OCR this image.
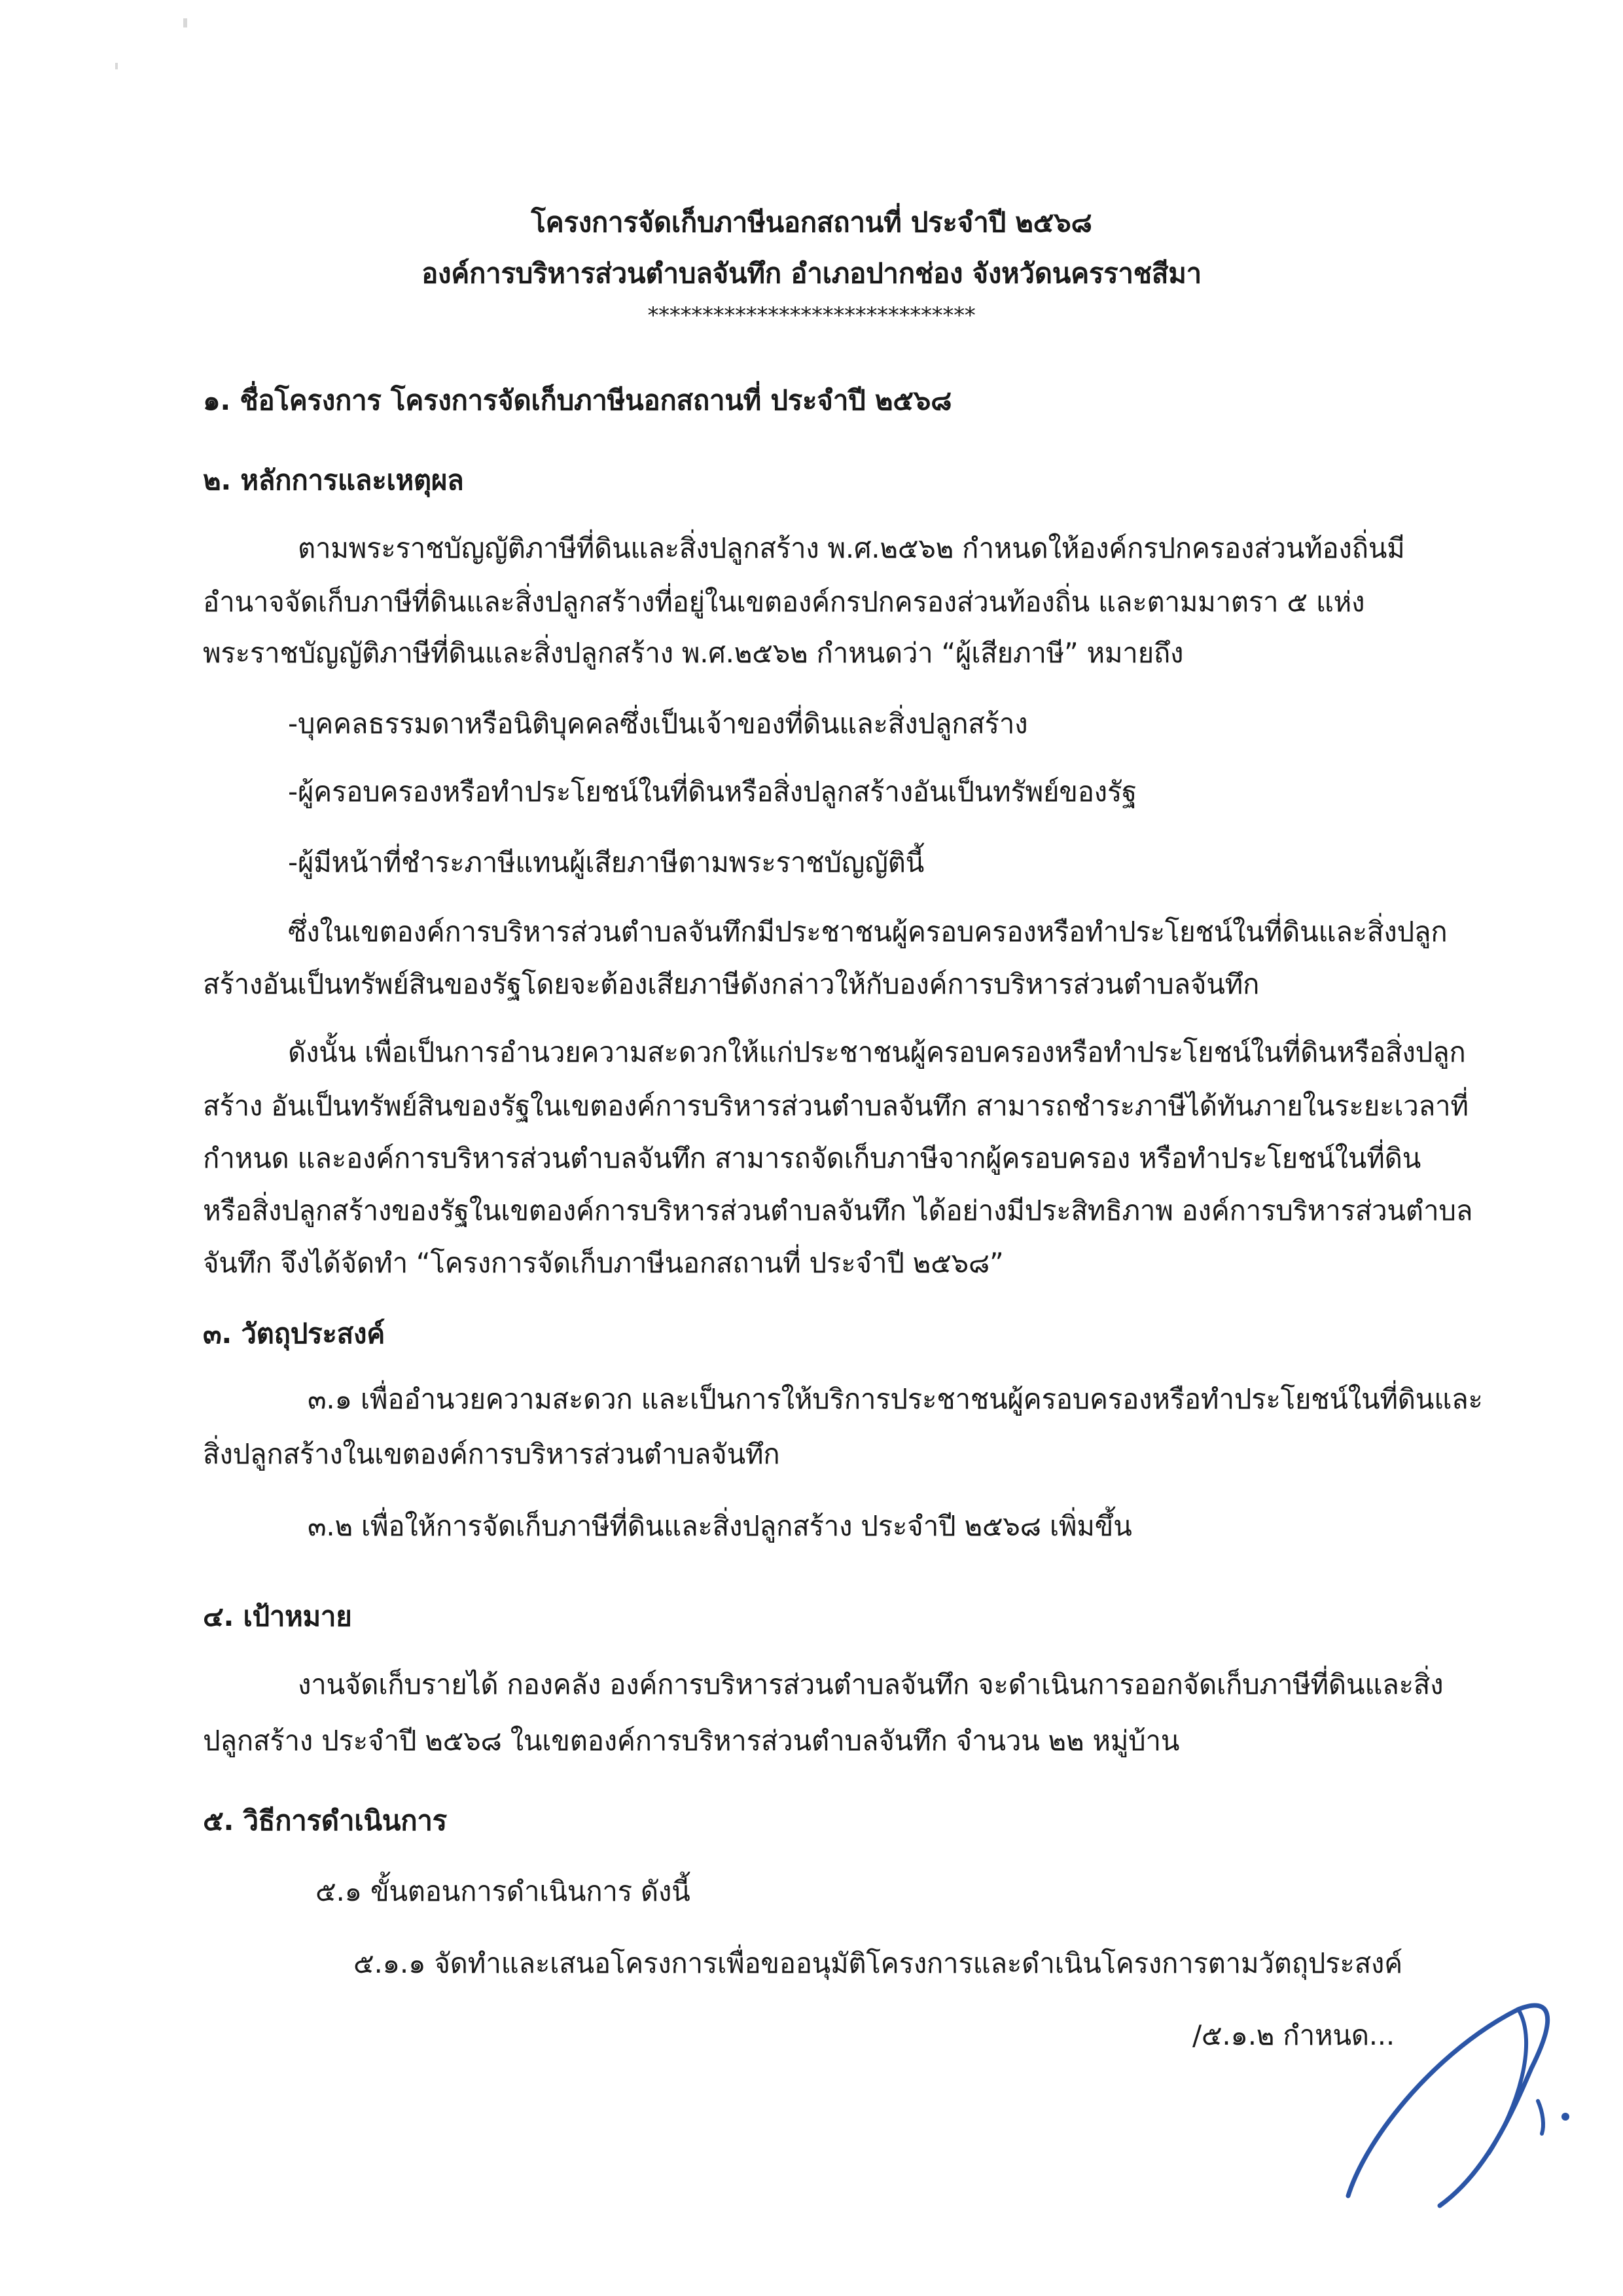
โครงการจัดเก็บภาษีนอกสถานที่ ประจำปี ๒๕๖๘
องค์การบริหารส่วนตำบลจันทึก อำเภอปากช่อง จังหวัดนครราชสีมา
******************************
๑. ชื่อโครงการ โครงการจัดเก็บภาษีนอกสถานที่ ประจำปี ๒๕๖๘
๒. หลักการและเหตุผล
ตามพระราชบัญญัติภาษีที่ดินและสิ่งปลูกสร้าง พ.ศ.๒๕๖๒ กำหนดให้องค์กรปกครองส่วนท้องถิ่นมี
อำนาจจัดเก็บภาษีที่ดินและสิ่งปลูกสร้างที่อยู่ในเขตองค์กรปกครองส่วนท้องถิ่น และตามมาตรา ๕ แห่ง
พระราชบัญญัติภาษีที่ดินและสิ่งปลูกสร้าง พ.ศ.๒๕๖๒ กำหนดว่า “ผู้เสียภาษี” หมายถึง
-บุคคลธรรมดาหรือนิติบุคคลซึ่งเป็นเจ้าของที่ดินและสิ่งปลูกสร้าง
-ผู้ครอบครองหรือทำประโยชน์ในที่ดินหรือสิ่งปลูกสร้างอันเป็นทรัพย์ของรัฐ
-ผู้มีหน้าที่ชำระภาษีแทนผู้เสียภาษีตามพระราชบัญญัตินี้
ซึ่งในเขตองค์การบริหารส่วนตำบลจันทึกมีประชาชนผู้ครอบครองหรือทำประโยชน์ในที่ดินและสิ่งปลูก
สร้างอันเป็นทรัพย์สินของรัฐโดยจะต้องเสียภาษีดังกล่าวให้กับองค์การบริหารส่วนตำบลจันทึก
ดังนั้น เพื่อเป็นการอำนวยความสะดวกให้แก่ประชาชนผู้ครอบครองหรือทำประโยชน์ในที่ดินหรือสิ่งปลูก
สร้าง อันเป็นทรัพย์สินของรัฐในเขตองค์การบริหารส่วนตำบลจันทึก สามารถชำระภาษีได้ทันภายในระยะเวลาที่
กำหนด และองค์การบริหารส่วนตำบลจันทึก สามารถจัดเก็บภาษีจากผู้ครอบครอง หรือทำประโยชน์ในที่ดิน
หรือสิ่งปลูกสร้างของรัฐในเขตองค์การบริหารส่วนตำบลจันทึก ได้อย่างมีประสิทธิภาพ องค์การบริหารส่วนตำบล
จันทึก จึงได้จัดทำ “โครงการจัดเก็บภาษีนอกสถานที่ ประจำปี ๒๕๖๘”
๓. วัตถุประสงค์
๓.๑ เพื่ออำนวยความสะดวก และเป็นการให้บริการประชาชนผู้ครอบครองหรือทำประโยชน์ในที่ดินและ
สิ่งปลูกสร้างในเขตองค์การบริหารส่วนตำบลจันทึก
๓.๒ เพื่อให้การจัดเก็บภาษีที่ดินและสิ่งปลูกสร้าง ประจำปี ๒๕๖๘ เพิ่มขึ้น
๔. เป้าหมาย
งานจัดเก็บรายได้ กองคลัง องค์การบริหารส่วนตำบลจันทึก จะดำเนินการออกจัดเก็บภาษีที่ดินและสิ่ง
ปลูกสร้าง ประจำปี ๒๕๖๘ ในเขตองค์การบริหารส่วนตำบลจันทึก จำนวน ๒๒ หมู่บ้าน
๕. วิธีการดำเนินการ
๕.๑ ขั้นตอนการดำเนินการ ดังนี้
๕.๑.๑ จัดทำและเสนอโครงการเพื่อขออนุมัติโครงการและดำเนินโครงการตามวัตถุประสงค์
/๕.๑.๒ กำหนด...
